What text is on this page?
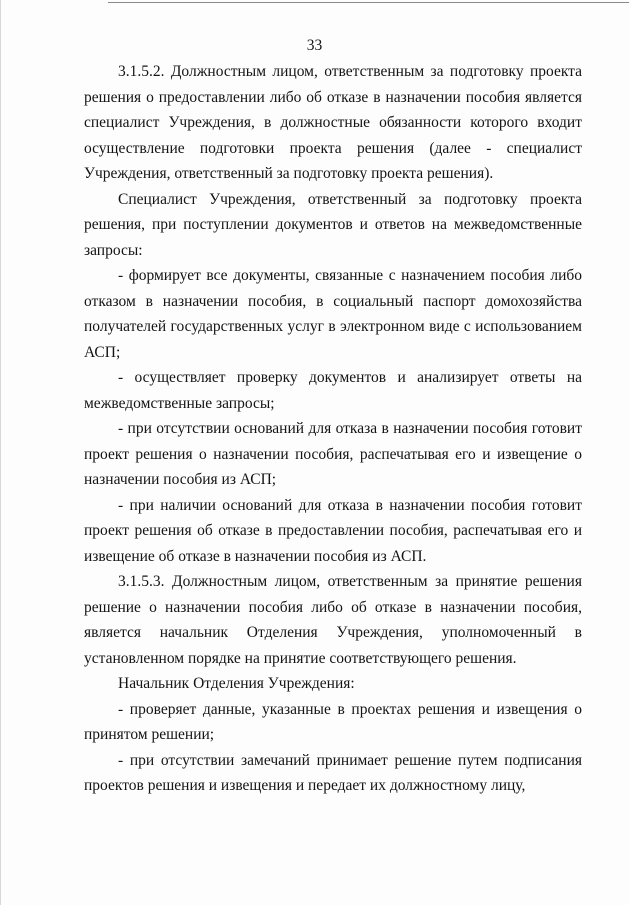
33

3.1.5.2. Должностным лицом, ответственным за подготовку проекта решения о предоставлении либо об отказе в назначении пособия является специалист Учреждения, в должностные обязанности которого входит осуществление подготовки проекта решения (далее - специалист Учреждения, ответственный за подготовку проекта решения).

Специалист Учреждения, ответственный за подготовку проекта решения, при поступлении документов и ответов на межведомственные запросы:

- формирует все документы, связанные с назначением пособия либо отказом в назначении пособия, в социальный паспорт домохозяйства получателей государственных услуг в электронном виде с использованием АСП;

- осуществляет проверку документов и анализирует ответы на межведомственные запросы;

- при отсутствии оснований для отказа в назначении пособия готовит проект решения о назначении пособия, распечатывая его и извещение о назначении пособия из АСП;

- при наличии оснований для отказа в назначении пособия готовит проект решения об отказе в предоставлении пособия, распечатывая его и извещение об отказе в назначении пособия из АСП.

3.1.5.3. Должностным лицом, ответственным за принятие решения решение о назначении пособия либо об отказе в назначении пособия, является начальник Отделения Учреждения, уполномоченный в установленном порядке на принятие соответствующего решения.

Начальник Отделения Учреждения:

- проверяет данные, указанные в проектах решения и извещения о принятом решении;

- при отсутствии замечаний принимает решение путем подписания проектов решения и извещения и передает их должностному лицу,
